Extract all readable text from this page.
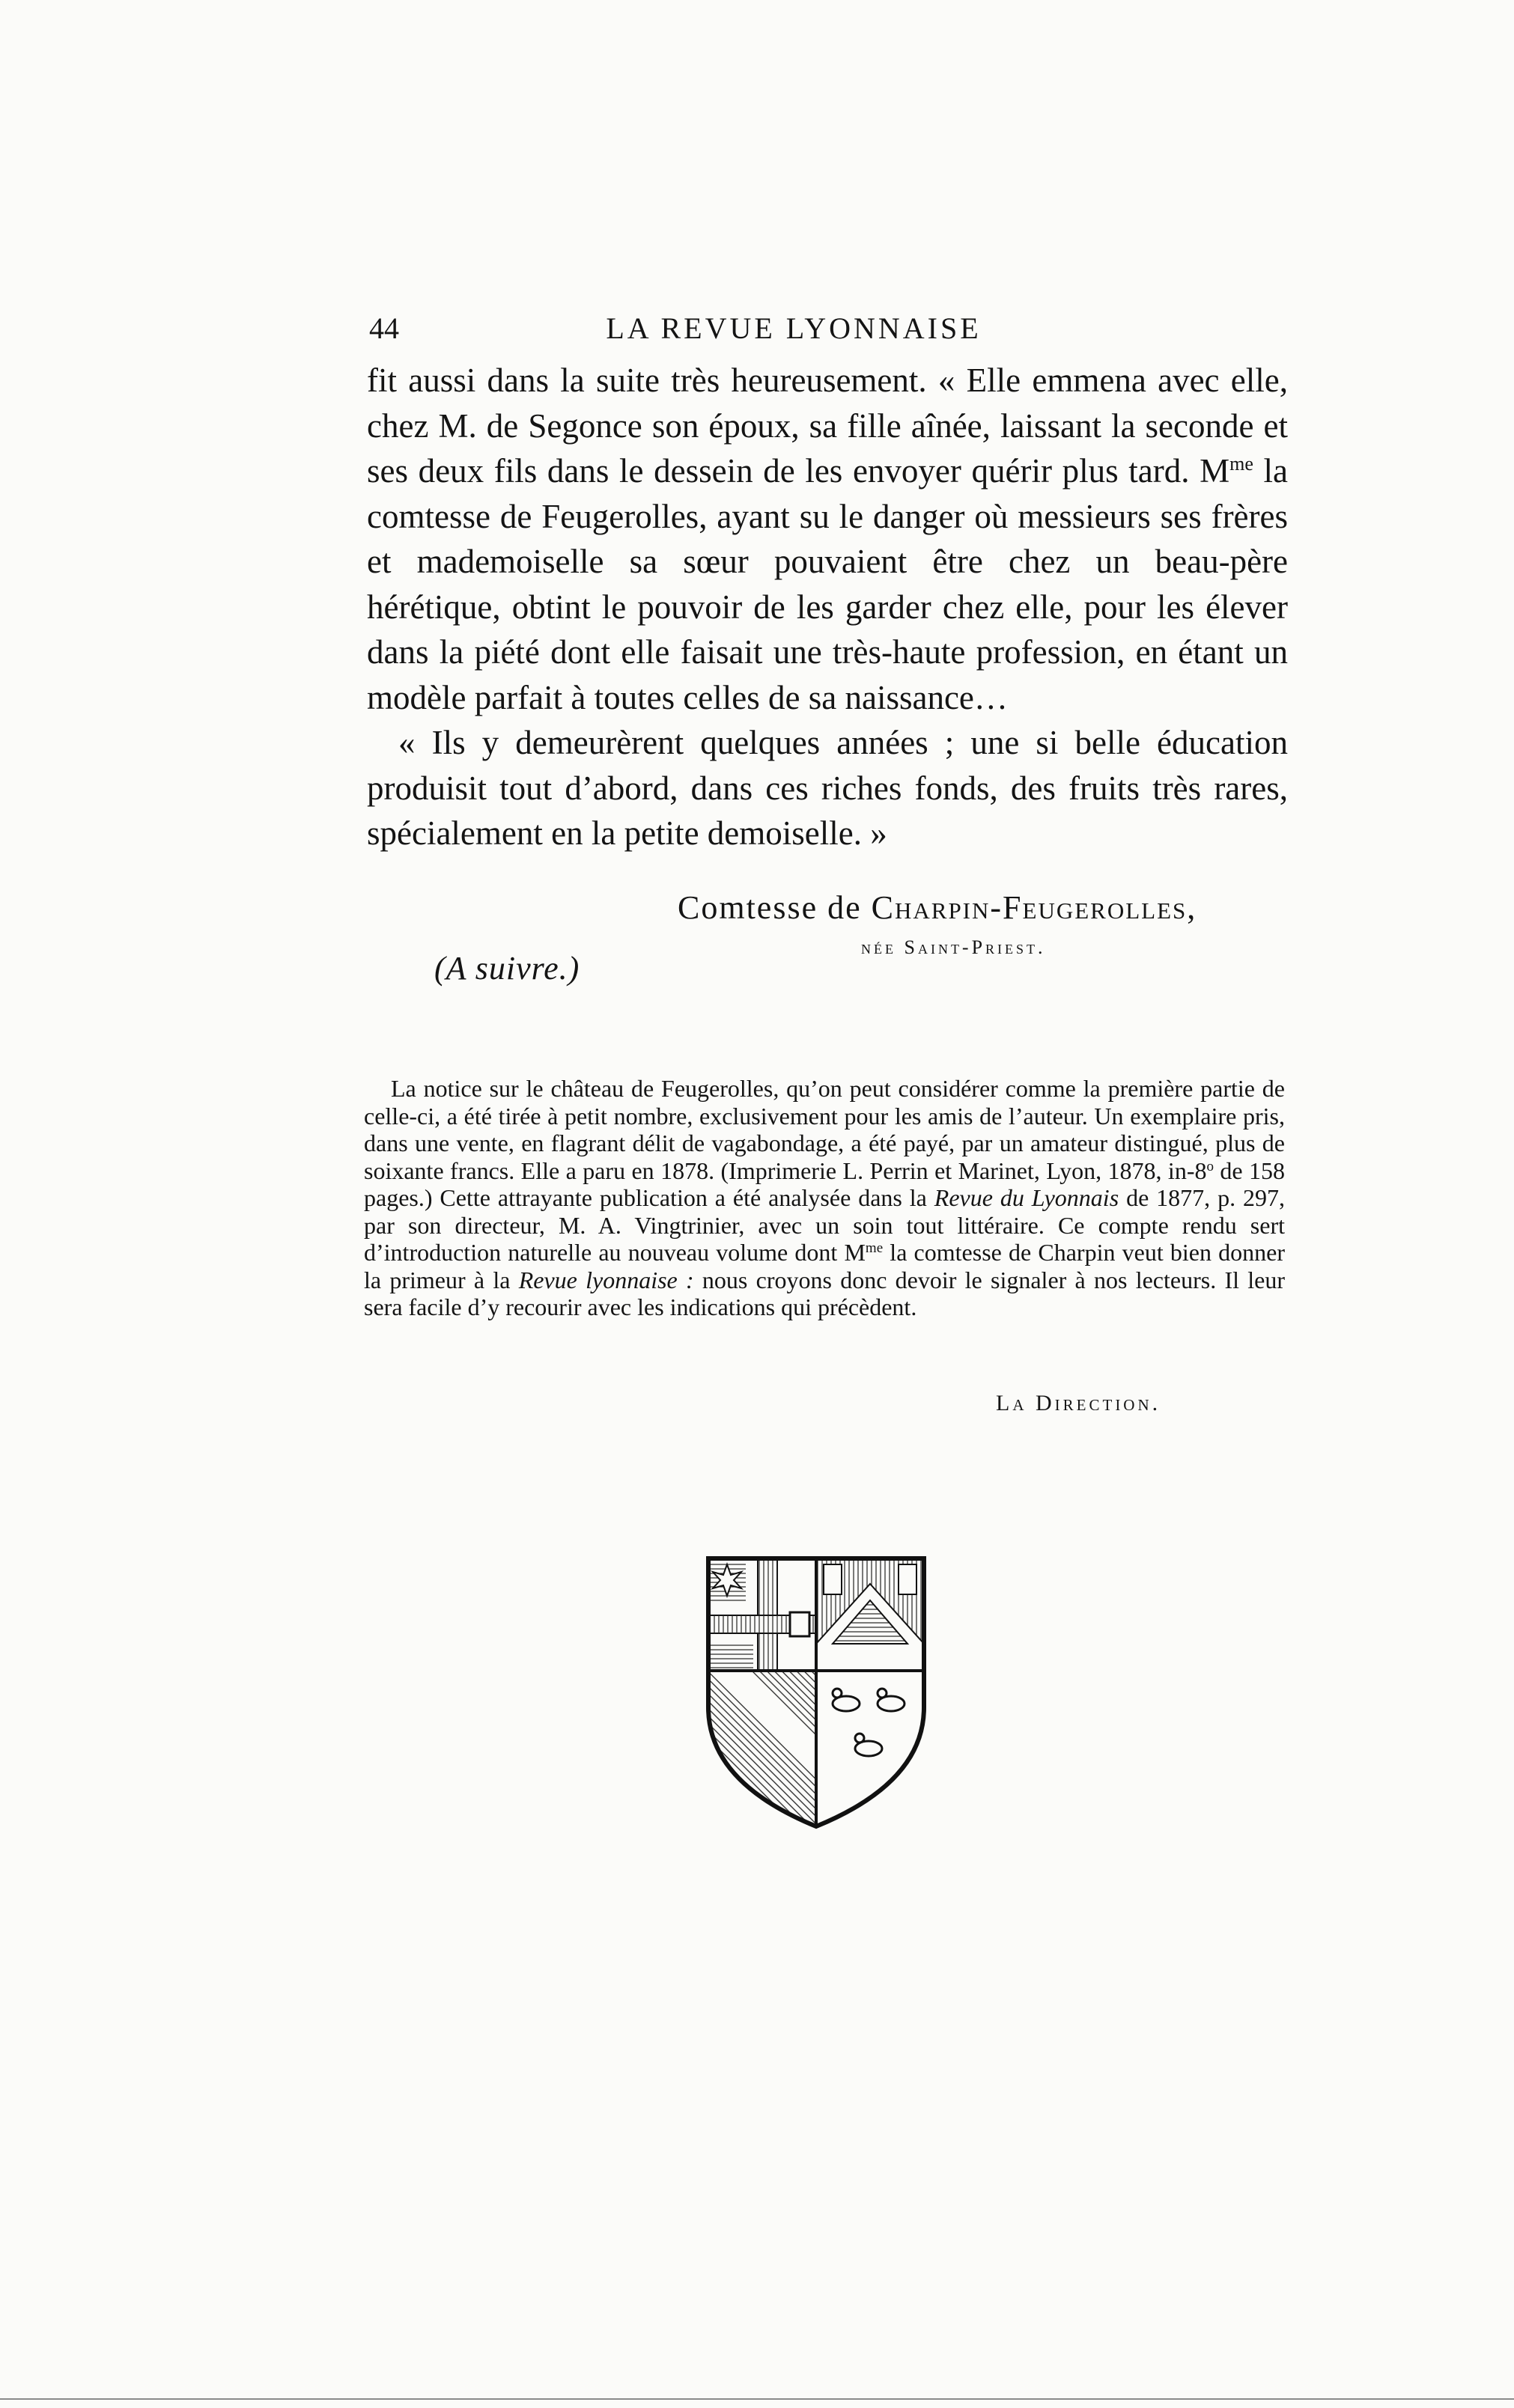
44	LA REVUE LYONNAISE

fit aussi dans la suite très heureusement. « Elle emmena avec elle, chez M. de Segonce son époux, sa fille aînée, laissant la seconde et ses deux fils dans le dessein de les envoyer quérir plus tard. $M^{me}$ la comtesse de Feugerolles, ayant su le danger où messieurs ses frères et mademoiselle sa sœur pouvaient être chez un beau-père hérétique, obtint le pouvoir de les garder chez elle, pour les élever dans la piété dont elle faisait une très-haute profession, en étant un modèle parfait à toutes celles de sa naissance…

« Ils y demeurèrent quelques années ; une si belle éducation produisit tout d’abord, dans ces riches fonds, des fruits très rares, spécialement en la petite demoiselle. »

Comtesse de Charpin-Feugerolles,
née Saint-Priest.
(A suivre.)

La notice sur le château de Feugerolles, qu’on peut considérer comme la première partie de celle-ci, a été tirée à petit nombre, exclusivement pour les amis de l’auteur. Un exemplaire pris, dans une vente, en flagrant délit de vagabondage, a été payé, par un amateur distingué, plus de soixante francs. Elle a paru en 1878. (Imprimerie L. Perrin et Marinet, Lyon, 1878, in-8$^o$ de 158 pages.) Cette attrayante publication a été analysée dans la Revue du Lyonnais de 1877, p. 297, par son directeur, M. A. Vingtrinier, avec un soin tout littéraire. Ce compte rendu sert d’introduction naturelle au nouveau volume dont $M^{me}$ la comtesse de Charpin veut bien donner la primeur à la Revue lyonnaise : nous croyons donc devoir le signaler à nos lecteurs. Il leur sera facile d’y recourir avec les indications qui précèdent.

La Direction.
